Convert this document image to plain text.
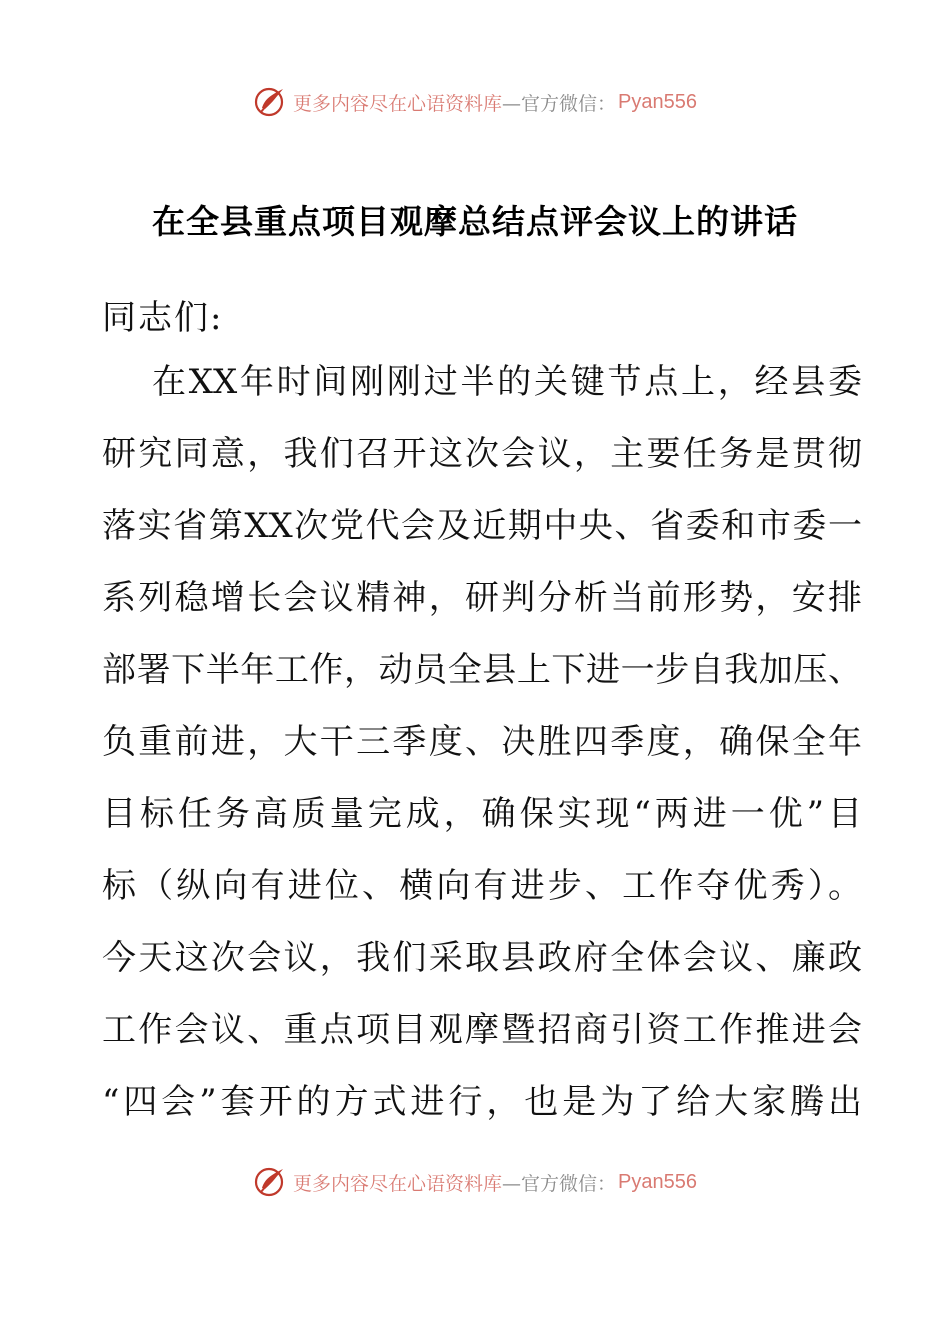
更多内容尽在心语资料库 —官方微信： Pyan556
在全县重点项目观摩总结点评会议上的讲话

同志们:

在XX年时间刚刚过半的关键节点上，经县委
研究同意，我们召开这次会议，主要任务是贯彻
落实省第XX次党代会及近期中央、省委和市委一
系列稳增长会议精神，研判分析当前形势，安排
部署下半年工作，动员全县上下进一步自我加压、
负重前进，大干三季度、决胜四季度，确保全年
目标任务高质量完成，确保实现“两进一优”目
标（纵向有进位、横向有进步、工作夺优秀）。
今天这次会议，我们采取县政府全体会议、廉政
工作会议、重点项目观摩暨招商引资工作推进会
“四会”套开的方式进行，也是为了给大家腾出
更多内容尽在心语资料库 —官方微信： Pyan556
